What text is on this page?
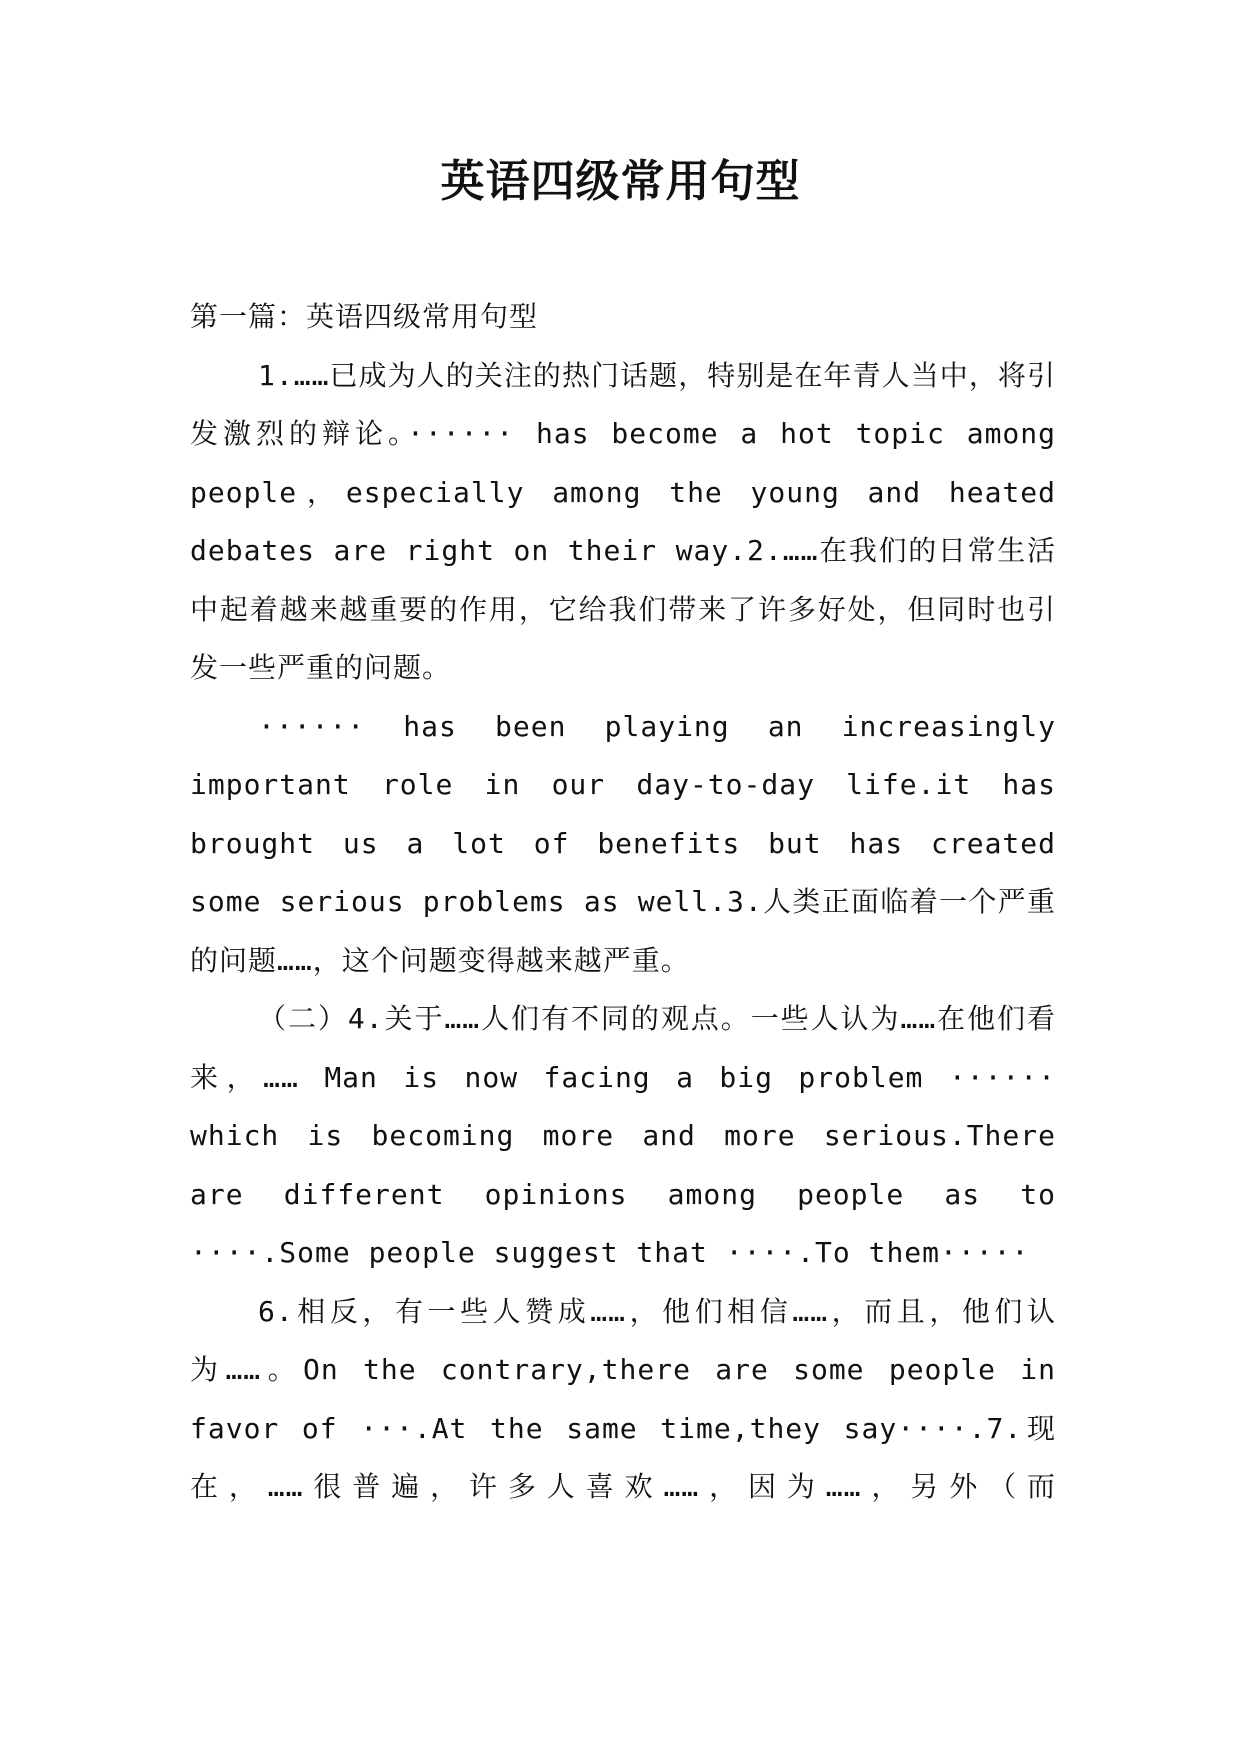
英语四级常用句型

第一篇：英语四级常用句型

1.……已成为人的关注的热门话题，特别是在年青人当中，将引发激烈的辩论。······ has become a hot topic among people，especially among the young and heated debates are right on their way.2.……在我们的日常生活中起着越来越重要的作用，它给我们带来了许多好处，但同时也引发一些严重的问题。

······ has been playing an increasingly important role in our day-to-day life.it has brought us a lot of benefits but has created some serious problems as well.3.人类正面临着一个严重的问题……，这个问题变得越来越严重。

（二）4.关于……人们有不同的观点。一些人认为……在他们看来，…… Man is now facing a big problem ······ which is becoming more and more serious.There are different opinions among people as to ····.Some people suggest that ····.To them·····

6.相反，有一些人赞成……，他们相信……，而且，他们认为……。On the contrary,there are some people in favor of ···.At the same time,they say····.7.现在，……很普遍，许多人喜欢……，因为……，另外（而
